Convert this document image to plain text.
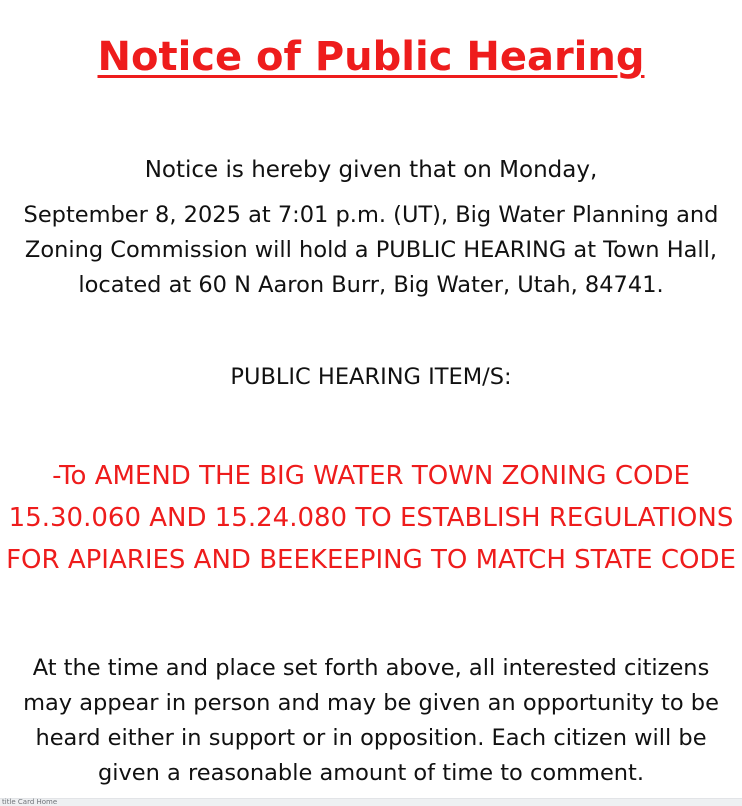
Notice of Public Hearing
Notice is hereby given that on Monday,
September 8, 2025 at 7:01 p.m. (UT), Big Water Planning and Zoning Commission will hold a PUBLIC HEARING at Town Hall, located at 60 N Aaron Burr, Big Water, Utah, 84741.
PUBLIC HEARING ITEM/S:
-To AMEND THE BIG WATER TOWN ZONING CODE 15.30.060 AND 15.24.080 TO ESTABLISH REGULATIONS FOR APIARIES AND BEEKEEPING TO MATCH STATE CODE
At the time and place set forth above, all interested citizens may appear in person and may be given an opportunity to be heard either in support or in opposition. Each citizen will be given a reasonable amount of time to comment.
title Card Home
